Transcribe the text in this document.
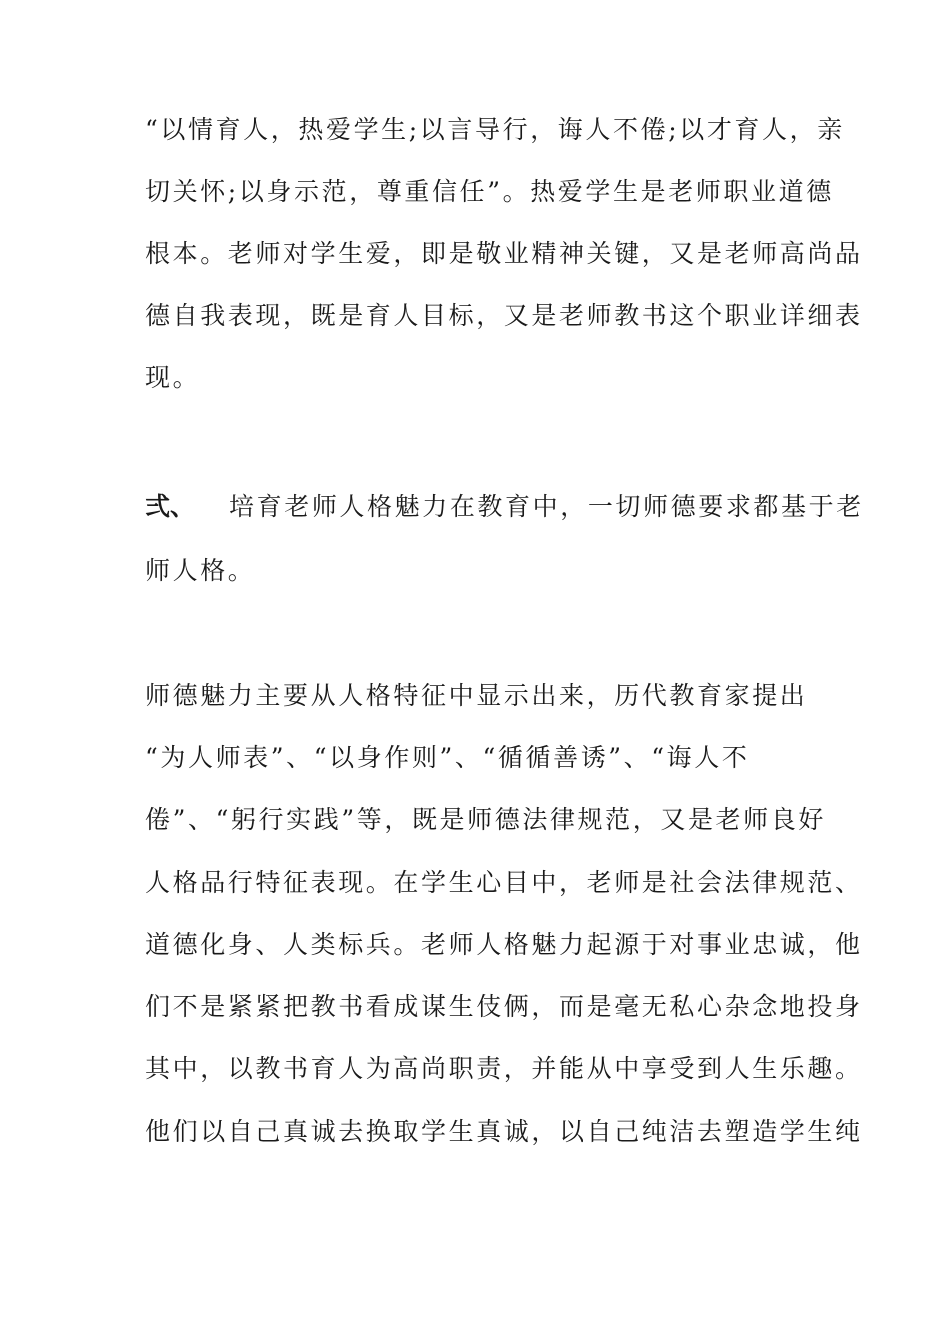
“以情育人，热爱学生;以言导行，诲人不倦;以才育人，亲
切关怀;以身示范，尊重信任”。热爱学生是老师职业道德
根本。老师对学生爱，即是敬业精神关键，又是老师高尚品
德自我表现，既是育人目标，又是老师教书这个职业详细表
现。
弍、 培育老师人格魅力在教育中，一切师德要求都基于老
师人格。
师德魅力主要从人格特征中显示出来，历代教育家提出
“为人师表”、“以身作则”、“循循善诱”、“诲人不
倦”、“躬行实践”等，既是师德法律规范，又是老师良好
人格品行特征表现。在学生心目中，老师是社会法律规范、
道德化身、人类标兵。老师人格魅力起源于对事业忠诚，他
们不是紧紧把教书看成谋生伎俩，而是毫无私心杂念地投身
其中，以教书育人为高尚职责，并能从中享受到人生乐趣。
他们以自己真诚去换取学生真诚，以自己纯洁去塑造学生纯
